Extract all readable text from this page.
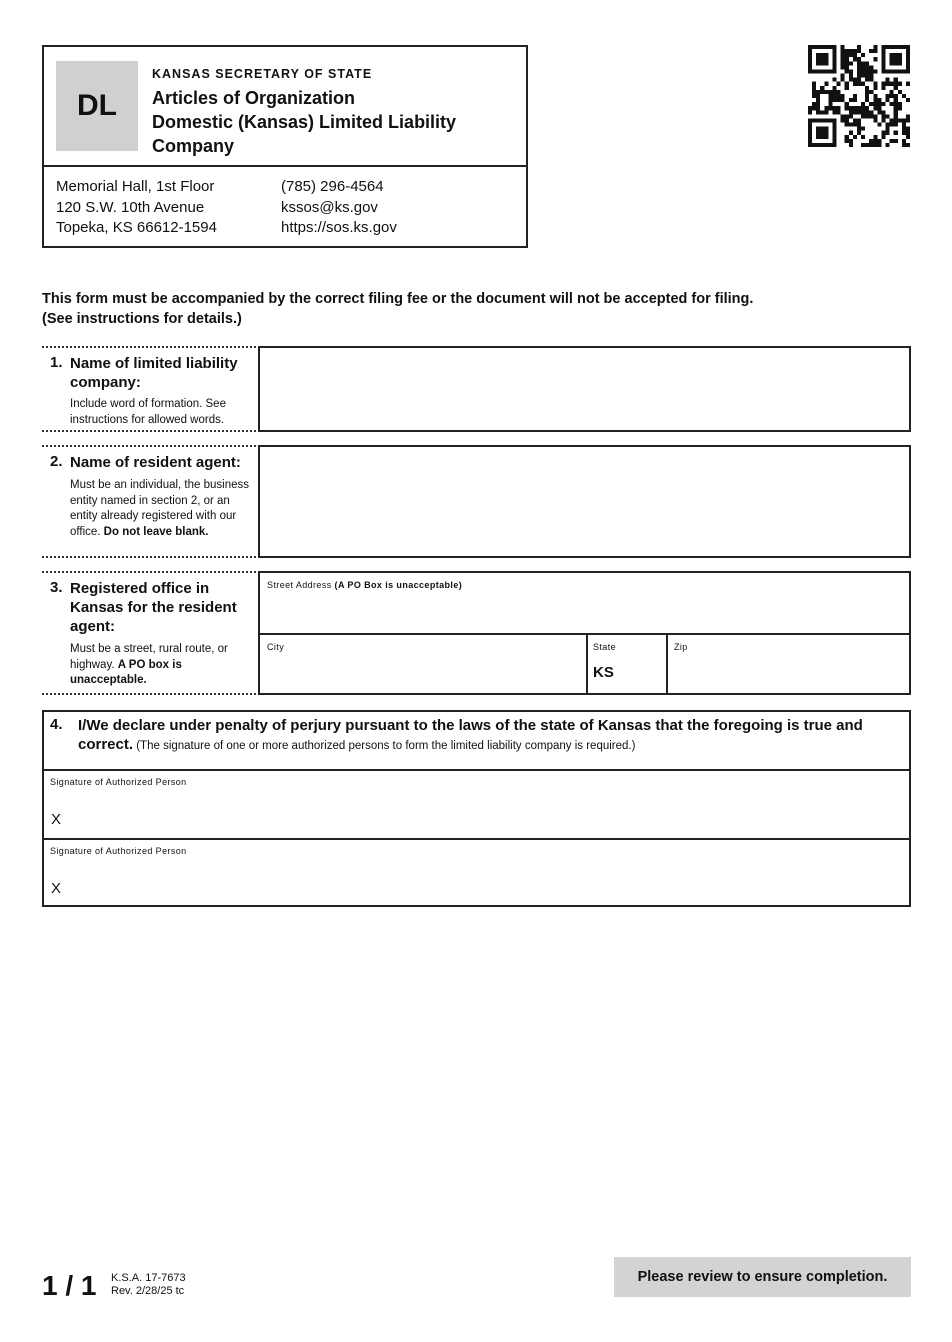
DL
KANSAS SECRETARY OF STATE
Articles of Organization
Domestic (Kansas) Limited Liability
Company
Memorial Hall, 1st Floor
120 S.W. 10th Avenue
Topeka, KS 66612-1594
(785) 296-4564
kssos@ks.gov
https://sos.ks.gov
This form must be accompanied by the correct filing fee or the document will not be accepted for filing.
(See instructions for details.)
1. Name of limited liability company:
Include word of formation. See instructions for allowed words.
2. Name of resident agent:
Must be an individual, the business entity named in section 2, or an entity already registered with our office. Do not leave blank.
3. Registered office in Kansas for the resident agent:
Must be a street, rural route, or highway. A PO box is unacceptable.
Street Address (A PO Box is unacceptable)
City	State
KS
Zip
4. I/We declare under penalty of perjury pursuant to the laws of the state of Kansas that the foregoing is true and correct. (The signature of one or more authorized persons to form the limited liability company is required.)
Signature of Authorized Person
X
Signature of Authorized Person
X
1 / 1 K.S.A. 17-7673
Rev. 2/28/25 tc
Please review to ensure completion.
